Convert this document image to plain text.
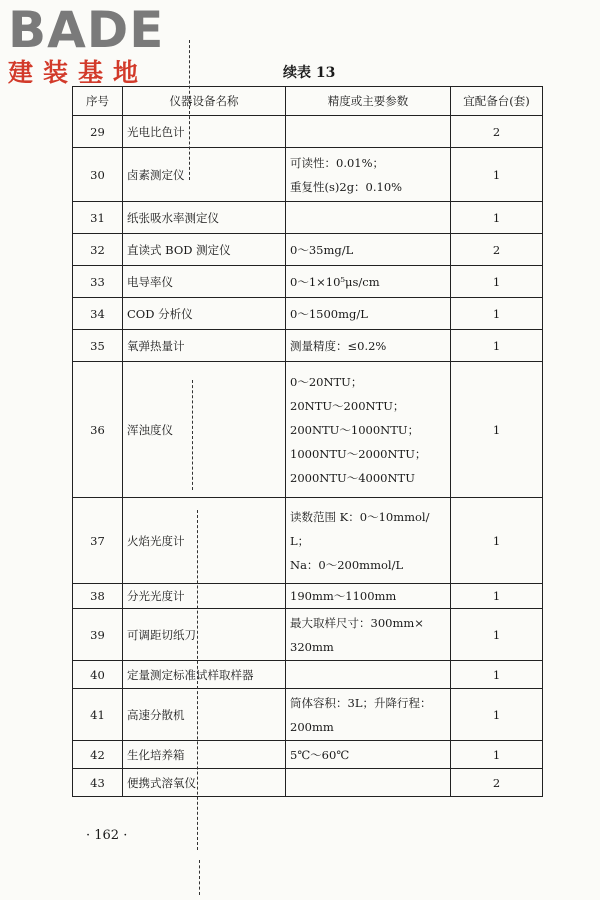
BADE
建装基地	续表 13
序号	仪器设备名称	精度或主要参数	宜配备台(套)
29	光电比色计		2
30	卤素测定仪	可读性：0.01%；
重复性(s)2g：0.10%	1
31	纸张吸水率测定仪		1
32	直读式 BOD 测定仪	0～35mg/L	2
33	电导率仪	0～1×10⁵μs/cm	1
34	COD 分析仪	0～1500mg/L	1
35	氧弹热量计	测量精度：≤0.2%	1
36	浑浊度仪	0～20NTU；
20NTU～200NTU；
200NTU～1000NTU；
1000NTU～2000NTU；
2000NTU～4000NTU	1
37	火焰光度计	读数范围 K：0～10mmol/
L；
Na：0～200mmol/L	1
38	分光光度计	190mm～1100mm	1
39	可调距切纸刀	最大取样尺寸：300mm×
320mm	1
40	定量测定标准试样取样器		1
41	高速分散机	筒体容积：3L；升降行程：
200mm	1
42	生化培养箱	5℃～60℃	1
43	便携式溶氧仪		2
· 162 ·
